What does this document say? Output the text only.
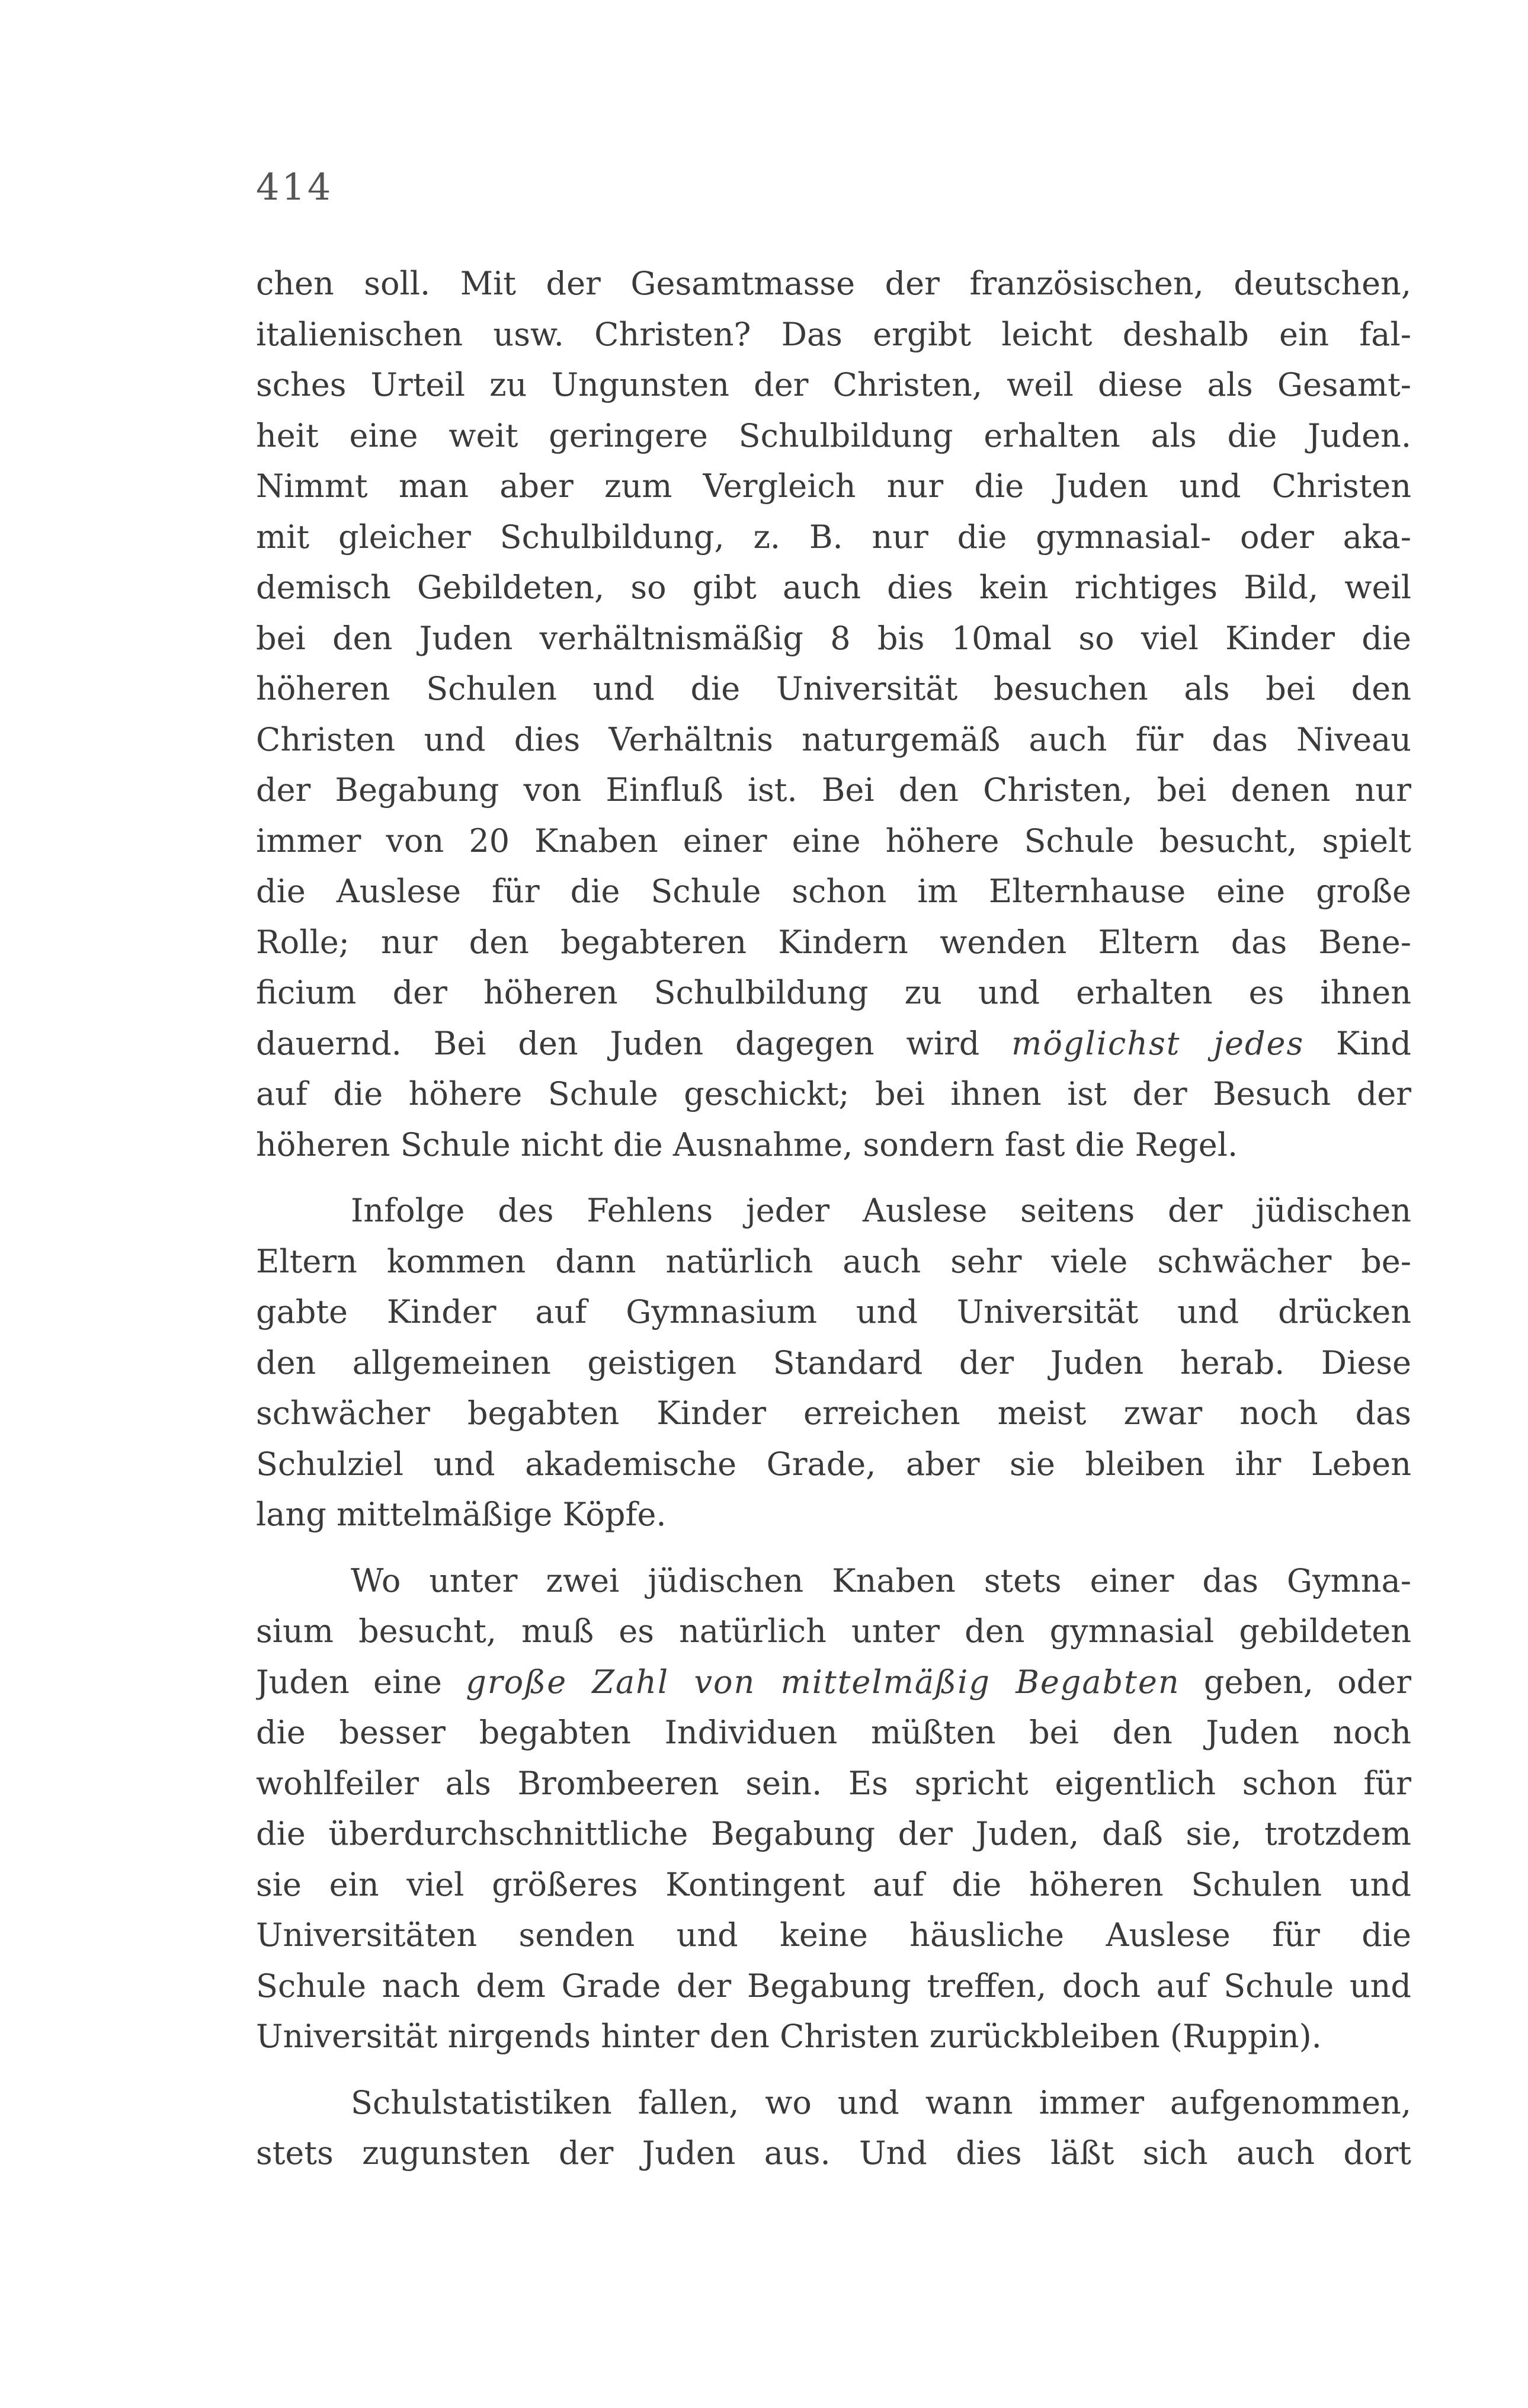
414
chen soll. Mit der Gesamtmasse der französischen, deutschen,
italienischen usw. Christen? Das ergibt leicht deshalb ein fal-
sches Urteil zu Ungunsten der Christen, weil diese als Gesamt-
heit eine weit geringere Schulbildung erhalten als die Juden.
Nimmt man aber zum Vergleich nur die Juden und Christen
mit gleicher Schulbildung, z. B. nur die gymnasial- oder aka-
demisch Gebildeten, so gibt auch dies kein richtiges Bild, weil
bei den Juden verhältnismäßig 8 bis 10mal so viel Kinder die
höheren Schulen und die Universität besuchen als bei den
Christen und dies Verhältnis naturgemäß auch für das Niveau
der Begabung von Einfluß ist. Bei den Christen, bei denen nur
immer von 20 Knaben einer eine höhere Schule besucht, spielt
die Auslese für die Schule schon im Elternhause eine große
Rolle; nur den begabteren Kindern wenden Eltern das Bene-
ficium der höheren Schulbildung zu und erhalten es ihnen
dauernd. Bei den Juden dagegen wird möglichst jedes Kind
auf die höhere Schule geschickt; bei ihnen ist der Besuch der
höheren Schule nicht die Ausnahme, sondern fast die Regel.
Infolge des Fehlens jeder Auslese seitens der jüdischen
Eltern kommen dann natürlich auch sehr viele schwächer be-
gabte Kinder auf Gymnasium und Universität und drücken
den allgemeinen geistigen Standard der Juden herab. Diese
schwächer begabten Kinder erreichen meist zwar noch das
Schulziel und akademische Grade, aber sie bleiben ihr Leben
lang mittelmäßige Köpfe.
Wo unter zwei jüdischen Knaben stets einer das Gymna-
sium besucht, muß es natürlich unter den gymnasial gebildeten
Juden eine große Zahl von mittelmäßig Begabten geben, oder
die besser begabten Individuen müßten bei den Juden noch
wohlfeiler als Brombeeren sein. Es spricht eigentlich schon für
die überdurchschnittliche Begabung der Juden, daß sie, trotzdem
sie ein viel größeres Kontingent auf die höheren Schulen und
Universitäten senden und keine häusliche Auslese für die
Schule nach dem Grade der Begabung treffen, doch auf Schule und
Universität nirgends hinter den Christen zurückbleiben (Ruppin).
Schulstatistiken fallen, wo und wann immer aufgenommen,
stets zugunsten der Juden aus. Und dies läßt sich auch dort
